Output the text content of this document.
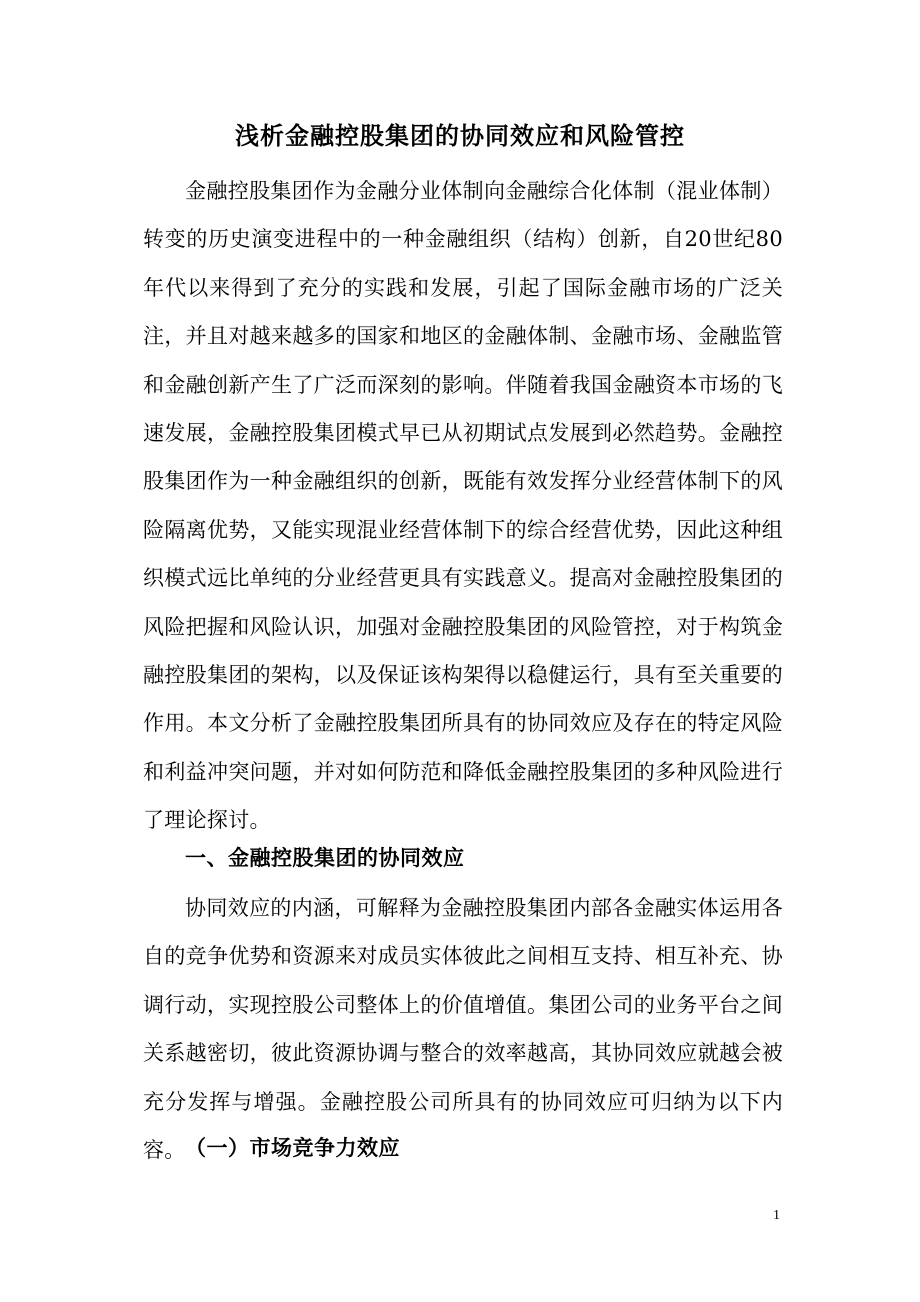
浅析金融控股集团的协同效应和风险管控

金融控股集团作为金融分业体制向金融综合化体制（混业体制）转变的历史演变进程中的一种金融组织（结构）创新，自20世纪80年代以来得到了充分的实践和发展，引起了国际金融市场的广泛关注，并且对越来越多的国家和地区的金融体制、金融市场、金融监管和金融创新产生了广泛而深刻的影响。伴随着我国金融资本市场的飞速发展，金融控股集团模式早已从初期试点发展到必然趋势。金融控股集团作为一种金融组织的创新，既能有效发挥分业经营体制下的风险隔离优势，又能实现混业经营体制下的综合经营优势，因此这种组织模式远比单纯的分业经营更具有实践意义。提高对金融控股集团的风险把握和风险认识，加强对金融控股集团的风险管控，对于构筑金融控股集团的架构，以及保证该构架得以稳健运行，具有至关重要的作用。本文分析了金融控股集团所具有的协同效应及存在的特定风险和利益冲突问题，并对如何防范和降低金融控股集团的多种风险进行了理论探讨。

一、金融控股集团的协同效应

协同效应的内涵，可解释为金融控股集团内部各金融实体运用各自的竞争优势和资源来对成员实体彼此之间相互支持、相互补充、协调行动，实现控股公司整体上的价值增值。集团公司的业务平台之间关系越密切，彼此资源协调与整合的效率越高，其协同效应就越会被充分发挥与增强。金融控股公司所具有的协同效应可归纳为以下内容。 （一）市场竞争力效应
1
